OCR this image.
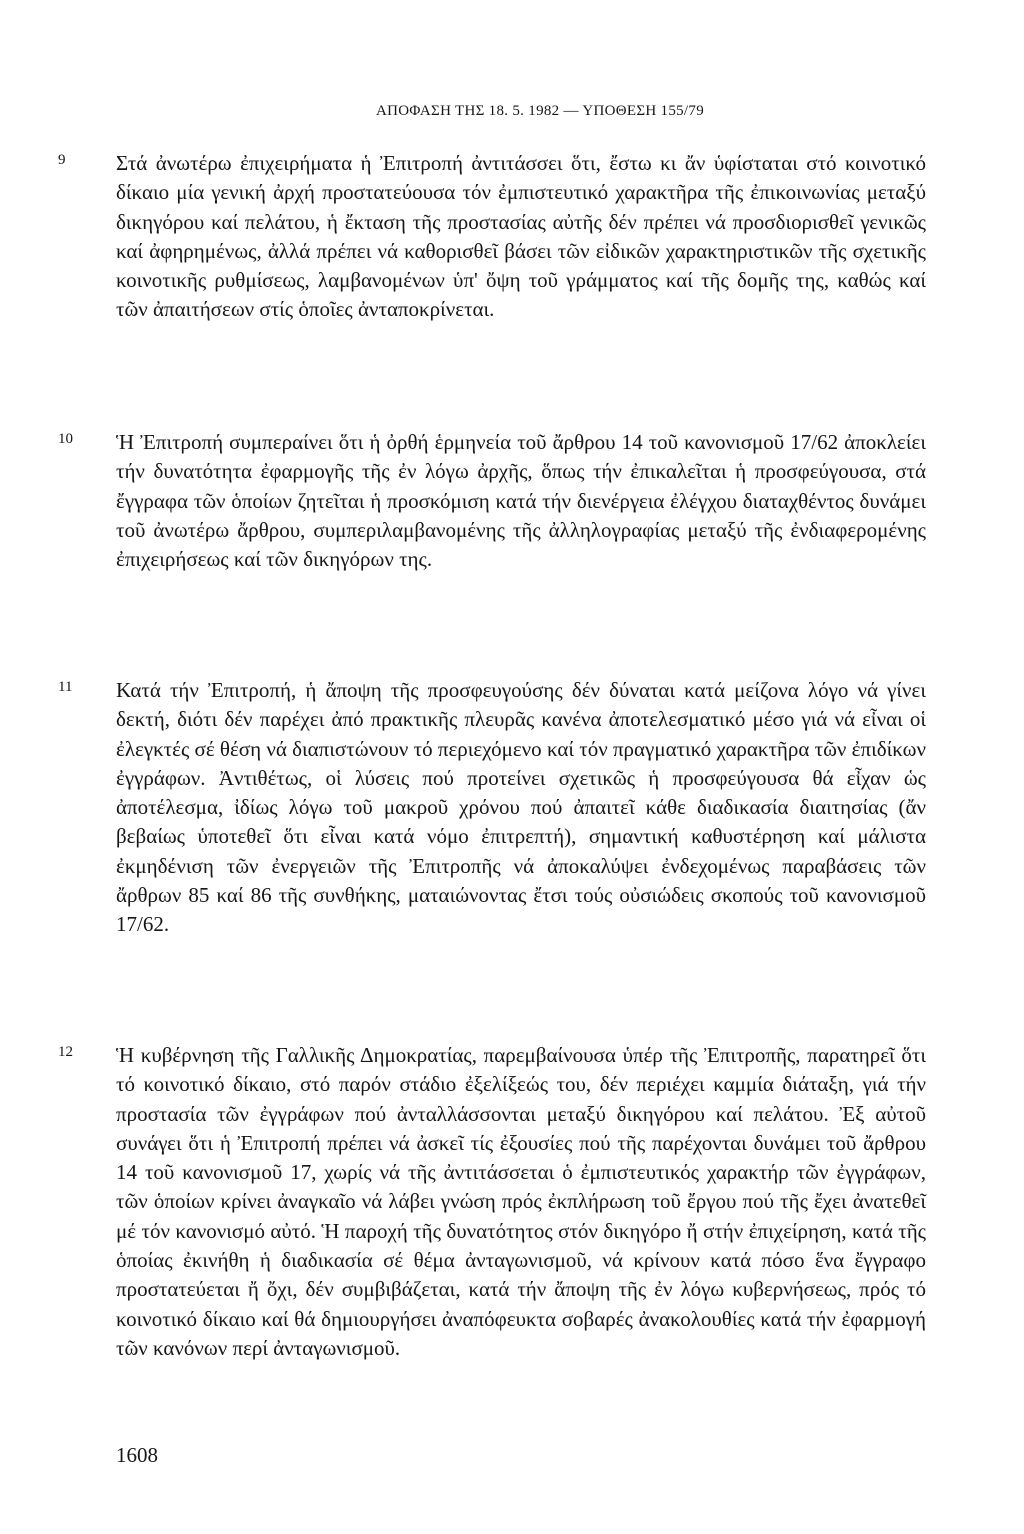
ΑΠΟΦΑΣΗ ΤΗΣ 18. 5. 1982 — ΥΠΟΘΕΣΗ 155/79
9 Στά ἀνωτέρω ἐπιχειρήματα ἡ Ἐπιτροπή ἀντιτάσσει ὅτι, ἔστω κι ἄν ὑφίσταται στό κοινοτικό δίκαιο μία γενική ἀρχή προστατεύουσα τόν ἐμπιστευτικό χαρακτῆρα τῆς ἐπικοινωνίας μεταξύ δικηγόρου καί πελάτου, ἡ ἔκταση τῆς προστασίας αὐτῆς δέν πρέπει νά προσδιορισθεῖ γενικῶς καί ἀφηρημένως, ἀλλά πρέπει νά καθορισθεῖ βάσει τῶν εἰδικῶν χαρακτηριστικῶν τῆς σχετικῆς κοινοτικῆς ρυθμίσεως, λαμβανομένων ὑπ' ὄψη τοῦ γράμματος καί τῆς δομῆς της, καθώς καί τῶν ἀπαιτήσεων στίς ὁποῖες ἀνταποκρίνεται.
10 Ἡ Ἐπιτροπή συμπεραίνει ὅτι ἡ ὀρθή ἑρμηνεία τοῦ ἄρθρου 14 τοῦ κανονισμοῦ 17/62 ἀποκλείει τήν δυνατότητα ἐφαρμογῆς τῆς ἐν λόγω ἀρχῆς, ὅπως τήν ἐπικαλεῖται ἡ προσφεύγουσα, στά ἔγγραφα τῶν ὁποίων ζητεῖται ἡ προσκόμιση κατά τήν διενέργεια ἐλέγχου διαταχθέντος δυνάμει τοῦ ἀνωτέρω ἄρθρου, συμπεριλαμβανομένης τῆς ἀλληλογραφίας μεταξύ τῆς ἐνδιαφερομένης ἐπιχειρήσεως καί τῶν δικηγόρων της.
11 Κατά τήν Ἐπιτροπή, ἡ ἄποψη τῆς προσφευγούσης δέν δύναται κατά μείζονα λόγο νά γίνει δεκτή, διότι δέν παρέχει ἀπό πρακτικῆς πλευρᾶς κανένα ἀποτελεσματικό μέσο γιά νά εἶναι οἱ ἐλεγκτές σέ θέση νά διαπιστώνουν τό περιεχόμενο καί τόν πραγματικό χαρακτῆρα τῶν ἐπιδίκων ἐγγράφων. Ἀντιθέτως, οἱ λύσεις πού προτείνει σχετικῶς ἡ προσφεύγουσα θά εἶχαν ὡς ἀποτέλεσμα, ἰδίως λόγω τοῦ μακροῦ χρόνου πού ἀπαιτεῖ κάθε διαδικασία διαιτησίας (ἄν βεβαίως ὑποτεθεῖ ὅτι εἶναι κατά νόμο ἐπιτρεπτή), σημαντική καθυστέρηση καί μάλιστα ἐκμηδένιση τῶν ἐνεργειῶν τῆς Ἐπιτροπῆς νά ἀποκαλύψει ἐνδεχομένως παραβάσεις τῶν ἄρθρων 85 καί 86 τῆς συνθήκης, ματαιώνοντας ἔτσι τούς οὐσιώδεις σκοπούς τοῦ κανονισμοῦ 17/62.
12 Ἡ κυβέρνηση τῆς Γαλλικῆς Δημοκρατίας, παρεμβαίνουσα ὑπέρ τῆς Ἐπιτροπῆς, παρατηρεῖ ὅτι τό κοινοτικό δίκαιο, στό παρόν στάδιο ἐξελίξεώς του, δέν περιέχει καμμία διάταξη, γιά τήν προστασία τῶν ἐγγράφων πού ἀνταλλάσσονται μεταξύ δικηγόρου καί πελάτου. Ἐξ αὐτοῦ συνάγει ὅτι ἡ Ἐπιτροπή πρέπει νά ἀσκεῖ τίς ἐξουσίες πού τῆς παρέχονται δυνάμει τοῦ ἄρθρου 14 τοῦ κανονισμοῦ 17, χωρίς νά τῆς ἀντιτάσσεται ὁ ἐμπιστευτικός χαρακτήρ τῶν ἐγγράφων, τῶν ὁποίων κρίνει ἀναγκαῖο νά λάβει γνώση πρός ἐκπλήρωση τοῦ ἔργου πού τῆς ἔχει ἀνατεθεῖ μέ τόν κανονισμό αὐτό. Ἡ παροχή τῆς δυνατότητος στόν δικηγόρο ἤ στήν ἐπιχείρηση, κατά τῆς ὁποίας ἐκινήθη ἡ διαδικασία σέ θέμα ἀνταγωνισμοῦ, νά κρίνουν κατά πόσο ἕνα ἔγγραφο προστατεύεται ἤ ὄχι, δέν συμβιβάζεται, κατά τήν ἄποψη τῆς ἐν λόγω κυβερνήσεως, πρός τό κοινοτικό δίκαιο καί θά δημιουργήσει ἀναπόφευκτα σοβαρές ἀνακολουθίες κατά τήν ἐφαρμογή τῶν κανόνων περί ἀνταγωνισμοῦ.
1608
